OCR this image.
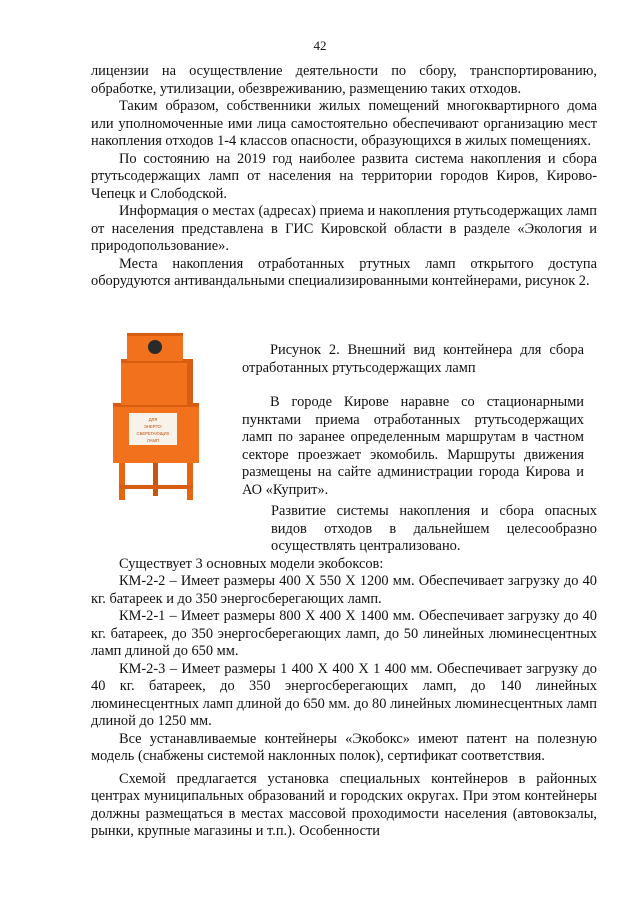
42

лицензии на осуществление деятельности по сбору, транспортированию, обработке, утилизации, обезвреживанию, размещению таких отходов.

Таким образом, собственники жилых помещений многоквартирного дома или уполномоченные ими лица самостоятельно обеспечивают организацию мест накопления отходов 1-4 классов опасности, образующихся в жилых помещениях.

По состоянию на 2019 год наиболее развита система накопления и сбора ртутьсодержащих ламп от населения на территории городов Киров, Кирово-Чепецк и Слободской.

Информация о местах (адресах) приема и накопления ртутьсодержащих ламп от населения представлена в ГИС Кировской области в разделе «Экология и природопользование».

Места накопления отработанных ртутных ламп открытого доступа оборудуются антивандальными специализированными контейнерами, рисунок 2.

ДЛЯ
ЭНЕРГО-
СБЕРЕГАЮЩИХ
ЛАМП

Рисунок 2. Внешний вид контейнера для сбора отработанных ртутьсодержащих ламп

В городе Кирове наравне со стационарными пунктами приема отработанных ртутьсодержащих ламп по заранее определенным маршрутам в частном секторе проезжает экомобиль. Маршруты движения размещены на сайте администрации города Кирова и АО «Куприт».

Развитие системы накопления и сбора опасных видов отходов в дальнейшем целесообразно осуществлять централизовано.

Существует 3 основных модели экобоксов:

КМ-2-2 – Имеет размеры 400 Х 550 Х 1200 мм. Обеспечивает загрузку до 40 кг. батареек и до 350 энергосберегающих ламп.

КМ-2-1 – Имеет размеры 800 Х 400 Х 1400 мм. Обеспечивает загрузку до 40 кг. батареек, до 350 энергосберегающих ламп, до 50 линейных люминесцентных ламп длиной до 650 мм.

КМ-2-3 – Имеет размеры 1 400 Х 400 Х 1 400 мм. Обеспечивает загрузку до 40 кг. батареек, до 350 энергосберегающих ламп, до 140 линейных люминесцентных ламп длиной до 650 мм. до 80 линейных люминесцентных ламп длиной до 1250 мм.

Все устанавливаемые контейнеры «Экобокс» имеют патент на полезную модель (снабжены системой наклонных полок), сертификат соответствия.

Схемой предлагается установка специальных контейнеров в районных центрах муниципальных образований и городских округах. При этом контейнеры должны размещаться в местах массовой проходимости населения (автовокзалы, рынки, крупные магазины и т.п.). Особенности
